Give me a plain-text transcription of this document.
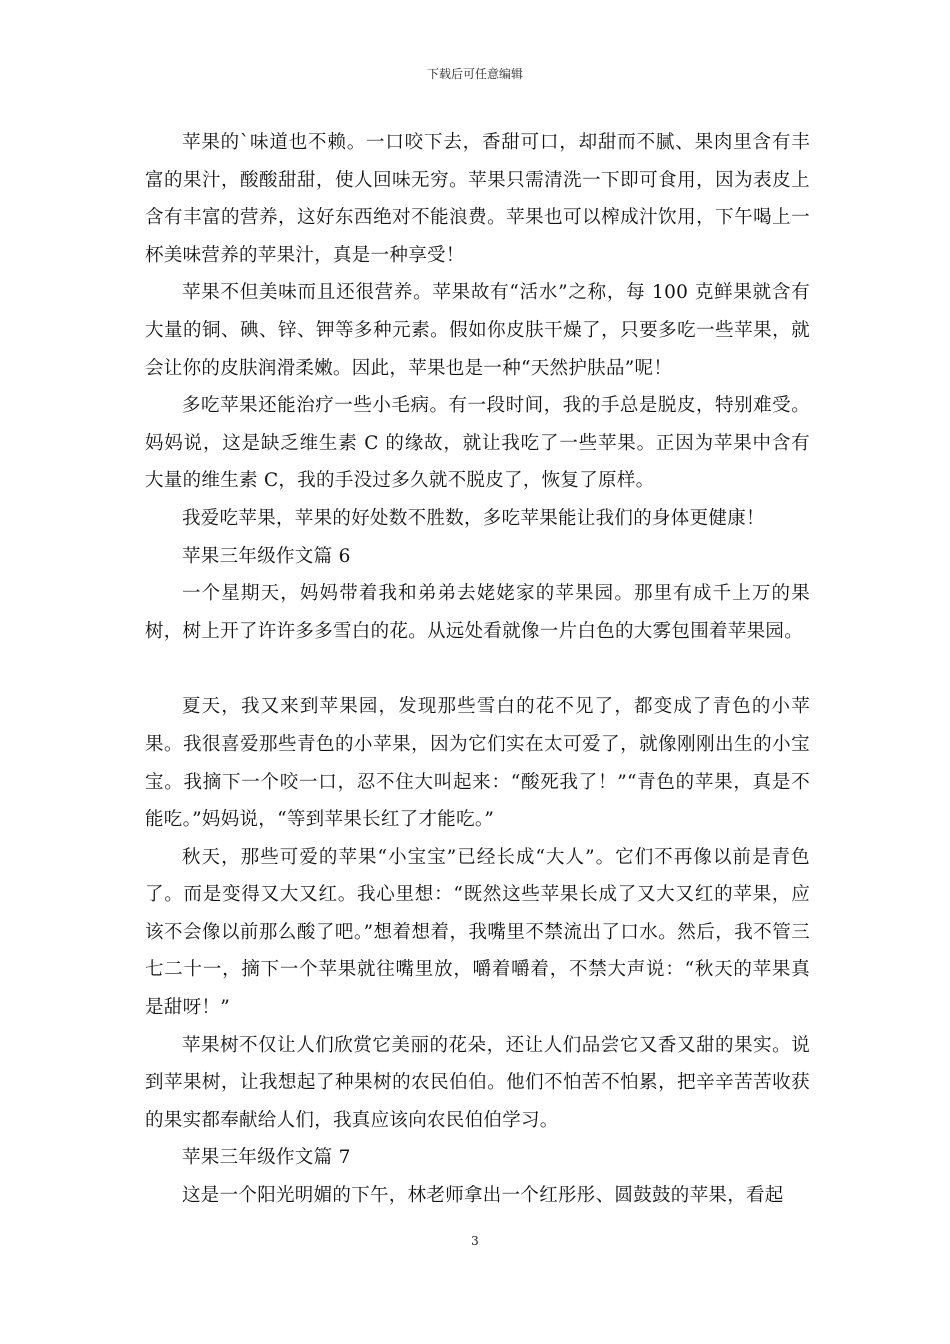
下载后可任意编辑

苹果的`味道也不赖。一口咬下去，香甜可口，却甜而不腻、果肉里含有丰富的果汁，酸酸甜甜，使人回味无穷。苹果只需清洗一下即可食用，因为表皮上含有丰富的营养，这好东西绝对不能浪费。苹果也可以榨成汁饮用，下午喝上一杯美味营养的苹果汁，真是一种享受！

苹果不但美味而且还很营养。苹果故有“活水”之称，每 100 克鲜果就含有大量的铜、碘、锌、钾等多种元素。假如你皮肤干燥了，只要多吃一些苹果，就会让你的皮肤润滑柔嫩。因此，苹果也是一种“天然护肤品”呢！

多吃苹果还能治疗一些小毛病。有一段时间，我的手总是脱皮，特别难受。妈妈说，这是缺乏维生素 C 的缘故，就让我吃了一些苹果。正因为苹果中含有大量的维生素 C，我的手没过多久就不脱皮了，恢复了原样。

我爱吃苹果，苹果的好处数不胜数，多吃苹果能让我们的身体更健康！

苹果三年级作文篇 6

一个星期天，妈妈带着我和弟弟去姥姥家的苹果园。那里有成千上万的果树，树上开了许许多多雪白的花。从远处看就像一片白色的大雾包围着苹果园。

夏天，我又来到苹果园，发现那些雪白的花不见了，都变成了青色的小苹果。我很喜爱那些青色的小苹果，因为它们实在太可爱了，就像刚刚出生的小宝宝。我摘下一个咬一口，忍不住大叫起来：“酸死我了！”“青色的苹果，真是不能吃。”妈妈说，“等到苹果长红了才能吃。”

秋天，那些可爱的苹果“小宝宝”已经长成“大人”。它们不再像以前是青色了。而是变得又大又红。我心里想：“既然这些苹果长成了又大又红的苹果，应该不会像以前那么酸了吧。”想着想着，我嘴里不禁流出了口水。然后，我不管三七二十一，摘下一个苹果就往嘴里放，嚼着嚼着，不禁大声说：“秋天的苹果真是甜呀！”

苹果树不仅让人们欣赏它美丽的花朵，还让人们品尝它又香又甜的果实。说到苹果树，让我想起了种果树的农民伯伯。他们不怕苦不怕累，把辛辛苦苦收获的果实都奉献给人们，我真应该向农民伯伯学习。

苹果三年级作文篇 7

这是一个阳光明媚的下午，林老师拿出一个红彤彤、圆鼓鼓的苹果，看起

3
